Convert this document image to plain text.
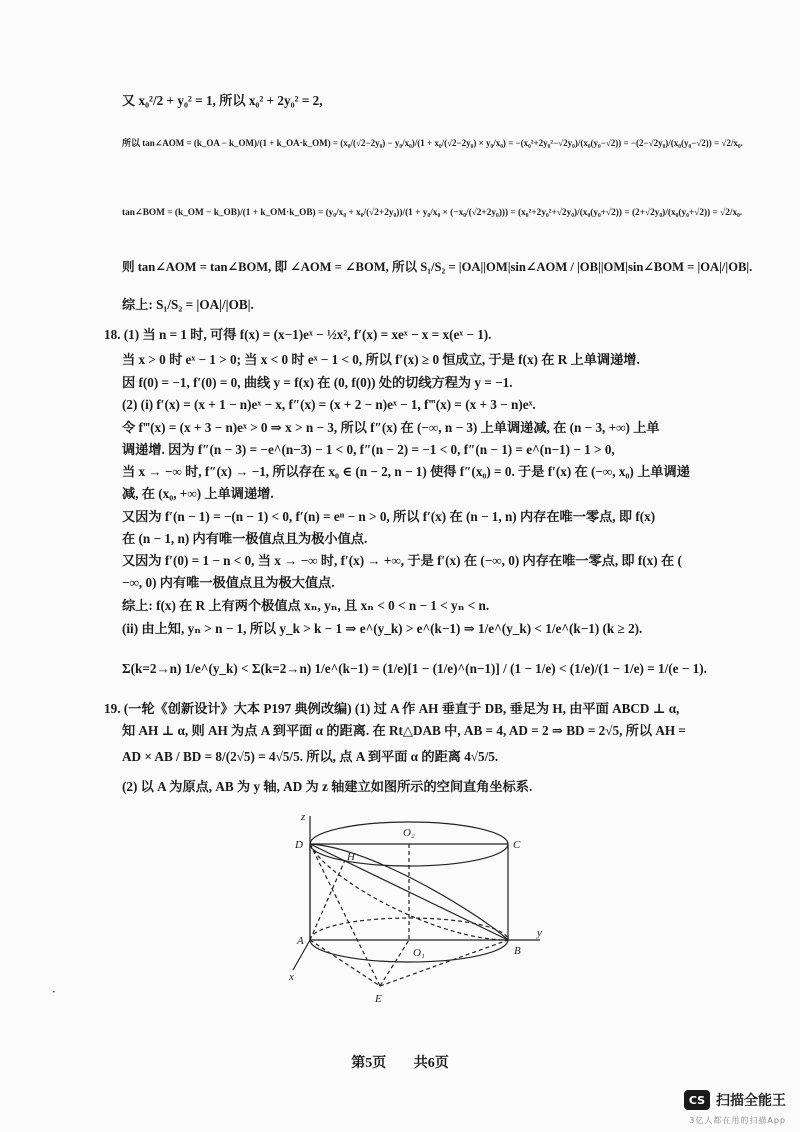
又 x₀²/2 + y₀² = 1, 所以 x₀² + 2y₀² = 2,
所以 tan∠AOM = (k_OA − k_OM)/(1 + k_OA·k_OM) = (x₀/(√2−2y₀) − y₀/x₀)/(1 + x₀/(√2−2y₀) × y₀/x₀) = −(x₀²+2y₀²−√2y₀)/(x₀(y₀−√2)) = −(2−√2y₀)/(x₀(y₀−√2)) = √2/x₀.
tan∠BOM = (k_OM − k_OB)/(1 + k_OM·k_OB) = (y₀/x₀ + x₀/(√2+2y₀))/(1 + y₀/x₀ × (−x₀/(√2+2y₀))) = (x₀²+2y₀²+√2y₀)/(x₀(y₀+√2)) = (2+√2y₀)/(x₀(y₀+√2)) = √2/x₀.
则 tan∠AOM = tan∠BOM, 即 ∠AOM = ∠BOM, 所以 S₁/S₂ = |OA||OM|sin∠AOM / |OB||OM|sin∠BOM = |OA|/|OB|.
综上: S₁/S₂ = |OA|/|OB|.
18. (1) 当 n = 1 时, 可得 f(x) = (x−1)eˣ − ½x², f′(x) = xeˣ − x = x(eˣ − 1).
当 x > 0 时 eˣ − 1 > 0; 当 x < 0 时 eˣ − 1 < 0, 所以 f′(x) ≥ 0 恒成立, 于是 f(x) 在 R 上单调递增.
因 f(0) = −1, f′(0) = 0, 曲线 y = f(x) 在 (0, f(0)) 处的切线方程为 y = −1.
(2) (i) f′(x) = (x + 1 − n)eˣ − x, f″(x) = (x + 2 − n)eˣ − 1, f‴(x) = (x + 3 − n)eˣ.
令 f‴(x) = (x + 3 − n)eˣ > 0 ⇒ x > n − 3, 所以 f″(x) 在 (−∞, n − 3) 上单调递减, 在 (n − 3, +∞) 上单
调递增. 因为 f″(n − 3) = −e^(n−3) − 1 < 0, f″(n − 2) = −1 < 0, f″(n − 1) = e^(n−1) − 1 > 0,
当 x → −∞ 时, f″(x) → −1, 所以存在 x₀ ∈ (n − 2, n − 1) 使得 f″(x₀) = 0. 于是 f′(x) 在 (−∞, x₀) 上单调递
减, 在 (x₀, +∞) 上单调递增.
又因为 f′(n − 1) = −(n − 1) < 0, f′(n) = eⁿ − n > 0, 所以 f′(x) 在 (n − 1, n) 内存在唯一零点, 即 f(x)
在 (n − 1, n) 内有唯一极值点且为极小值点.
又因为 f′(0) = 1 − n < 0, 当 x → −∞ 时, f′(x) → +∞, 于是 f′(x) 在 (−∞, 0) 内存在唯一零点, 即 f(x) 在 (
−∞, 0) 内有唯一极值点且为极大值点.
综上: f(x) 在 R 上有两个极值点 xₙ, yₙ, 且 xₙ < 0 < n − 1 < yₙ < n.
(ii) 由上知, yₙ > n − 1, 所以 y_k > k − 1 ⇒ e^(y_k) > e^(k−1) ⇒ 1/e^(y_k) < 1/e^(k−1) (k ≥ 2).
Σ(k=2→n) 1/e^(y_k) < Σ(k=2→n) 1/e^(k−1) = (1/e)[1 − (1/e)^(n−1)] / (1 − 1/e) < (1/e)/(1 − 1/e) = 1/(e − 1).
19. (一轮《创新设计》大本 P197 典例改编) (1) 过 A 作 AH 垂直于 DB, 垂足为 H, 由平面 ABCD ⊥ α,
知 AH ⊥ α, 则 AH 为点 A 到平面 α 的距离. 在 Rt△DAB 中, AB = 4, AD = 2 ⇒ BD = 2√5, 所以 AH =
AD × AB / BD = 8/(2√5) = 4√5/5. 所以, 点 A 到平面 α 的距离 4√5/5.
(2) 以 A 为原点, AB 为 y 轴, AD 为 z 轴建立如图所示的空间直角坐标系.
z
D
O₂
C
H
A
O₁	B
y
x
E
·
第5页 共6页
CS 扫描全能王
3亿人都在用的扫描App
